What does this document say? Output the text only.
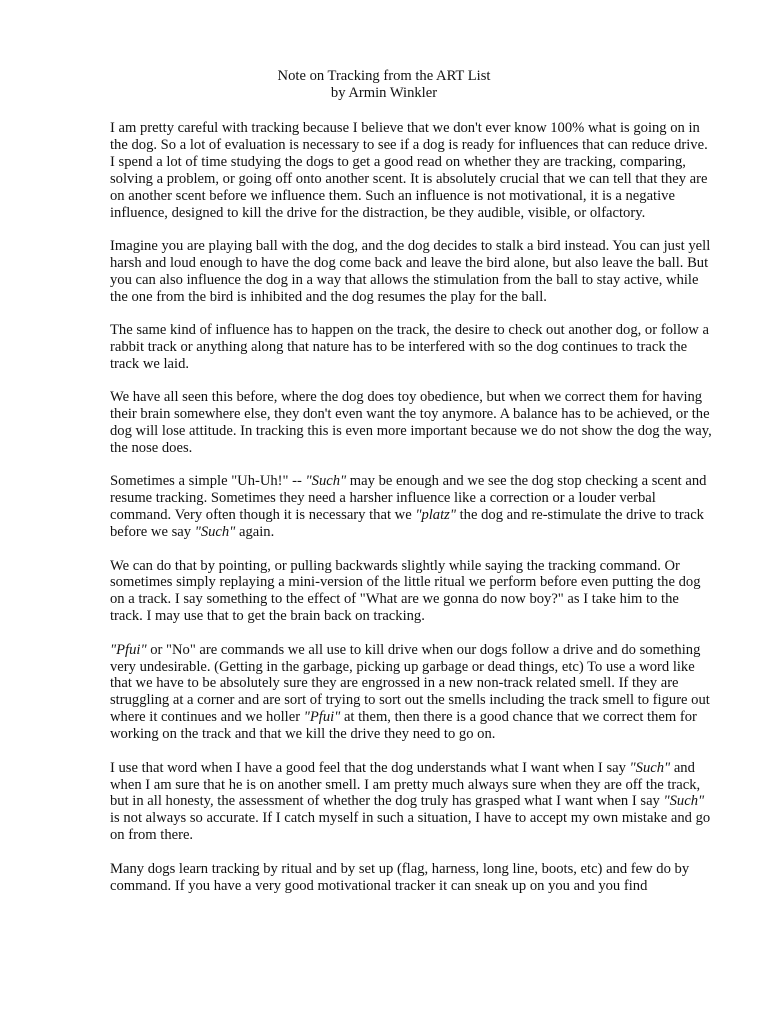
Note on Tracking from the ART List
by Armin Winkler

I am pretty careful with tracking because I believe that we don't ever know 100% what is going on in the dog. So a lot of evaluation is necessary to see if a dog is ready for influences that can reduce drive. I spend a lot of time studying the dogs to get a good read on whether they are tracking, comparing, solving a problem, or going off onto another scent. It is absolutely crucial that we can tell that they are on another scent before we influence them. Such an influence is not motivational, it is a negative influence, designed to kill the drive for the distraction, be they audible, visible, or olfactory.

Imagine you are playing ball with the dog, and the dog decides to stalk a bird instead. You can just yell harsh and loud enough to have the dog come back and leave the bird alone, but also leave the ball. But you can also influence the dog in a way that allows the stimulation from the ball to stay active, while the one from the bird is inhibited and the dog resumes the play for the ball.

The same kind of influence has to happen on the track, the desire to check out another dog, or follow a rabbit track or anything along that nature has to be interfered with so the dog continues to track the track we laid.

We have all seen this before, where the dog does toy obedience, but when we correct them for having their brain somewhere else, they don't even want the toy anymore. A balance has to be achieved, or the dog will lose attitude. In tracking this is even more important because we do not show the dog the way, the nose does.

Sometimes a simple "Uh-Uh!" -- "Such" may be enough and we see the dog stop checking a scent and resume tracking. Sometimes they need a harsher influence like a correction or a louder verbal command. Very often though it is necessary that we "platz" the dog and re-stimulate the drive to track before we say "Such" again.

We can do that by pointing, or pulling backwards slightly while saying the tracking command. Or sometimes simply replaying a mini-version of the little ritual we perform before even putting the dog on a track. I say something to the effect of "What are we gonna do now boy?" as I take him to the track. I may use that to get the brain back on tracking.

"Pfui" or "No" are commands we all use to kill drive when our dogs follow a drive and do something very undesirable. (Getting in the garbage, picking up garbage or dead things, etc) To use a word like that we have to be absolutely sure they are engrossed in a new non-track related smell. If they are struggling at a corner and are sort of trying to sort out the smells including the track smell to figure out where it continues and we holler "Pfui" at them, then there is a good chance that we correct them for working on the track and that we kill the drive they need to go on.

I use that word when I have a good feel that the dog understands what I want when I say "Such" and when I am sure that he is on another smell. I am pretty much always sure when they are off the track, but in all honesty, the assessment of whether the dog truly has grasped what I want when I say "Such" is not always so accurate. If I catch myself in such a situation, I have to accept my own mistake and go on from there.

Many dogs learn tracking by ritual and by set up (flag, harness, long line, boots, etc) and few do by command. If you have a very good motivational tracker it can sneak up on you and you find
